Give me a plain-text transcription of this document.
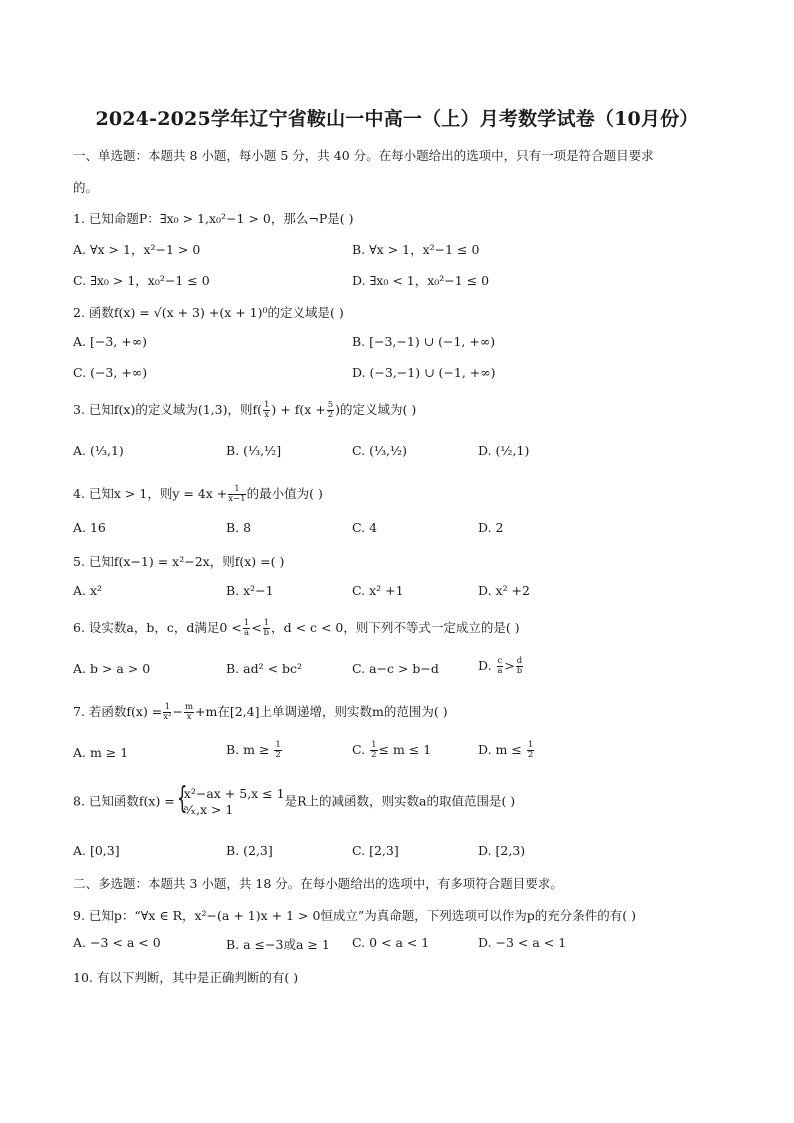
2024-2025学年辽宁省鞍山一中高一（上）月考数学试卷（10月份）
一、单选题：本题共 8 小题，每小题 5 分，共 40 分。在每小题给出的选项中，只有一项是符合题目要求
的。
1. 已知命题P：∃x₀ > 1,x₀²−1 > 0，那么¬P是( )
A. ∀x > 1，x²−1 > 0	B. ∀x > 1，x²−1 ≤ 0
C. ∃x₀ > 1，x₀²−1 ≤ 0	D. ∃x₀ < 1，x₀²−1 ≤ 0
2. 函数f(x) = √(x + 3) +(x + 1)⁰的定义域是( )
A. [−3, +∞)	B. [−3,−1) ∪ (−1, +∞)
C. (−3, +∞)	D. (−3,−1) ∪ (−1, +∞)
3. 已知f(x)的定义域为(1,3)，则$f( \frac{1}{x}$ ) + $f(x + \frac{5}{2}$ )的定义域为( )
A. (⅓,1)	B. (⅓,½]	C. (⅓,½)	D. (½,1)
4. 已知x > 1，则$y = 4x + \frac{1}{x-1}$ 的最小值为( )
A. 16	B. 8	C. 4	D. 2
5. 已知f(x−1) = x²−2x，则f(x) =( )
A. x²	B. x²−1	C. x² +1	D. x² +2
6. 设实数a，b，c，d满足$0 < \frac{1}{a} < \frac{1}{b}$ ，d < c < 0，则下列不等式一定成立的是( )
A. b > a > 0	B. ad² < bc²	C. a−c > b−d	D. $\frac{c}{a} > \frac{d}{b}$
7. 若函数$f(x) = \frac{1}{\text{x²}} - \frac{m}{x} +m$在[2,4]上单调递增，则实数m的范围为( )
A. m ≥ 1	B. $m \ge \frac{1}{2}$	C. $\frac{1}{2} \le m \le 1$	D. $m \le \frac{1}{2}$
8. 已知函数f(x) = {
x²−ax + 5,x ≤ 1
ᵃ⁄ₓ,x > 1
是R上的减函数，则实数a的取值范围是( )
A. [0,3]	B. (2,3]	C. [2,3]	D. [2,3)
二、多选题：本题共 3 小题，共 18 分。在每小题给出的选项中，有多项符合题目要求。
9. 已知p：“∀x ∈ R，x²−(a + 1)x + 1 > 0恒成立”为真命题，下列选项可以作为p的充分条件的有( )
A. −3 < a < 0	B. a ≤−3或a ≥ 1 C. 0 < a < 1	D. −3 < a < 1
10. 有以下判断，其中是正确判断的有( )
